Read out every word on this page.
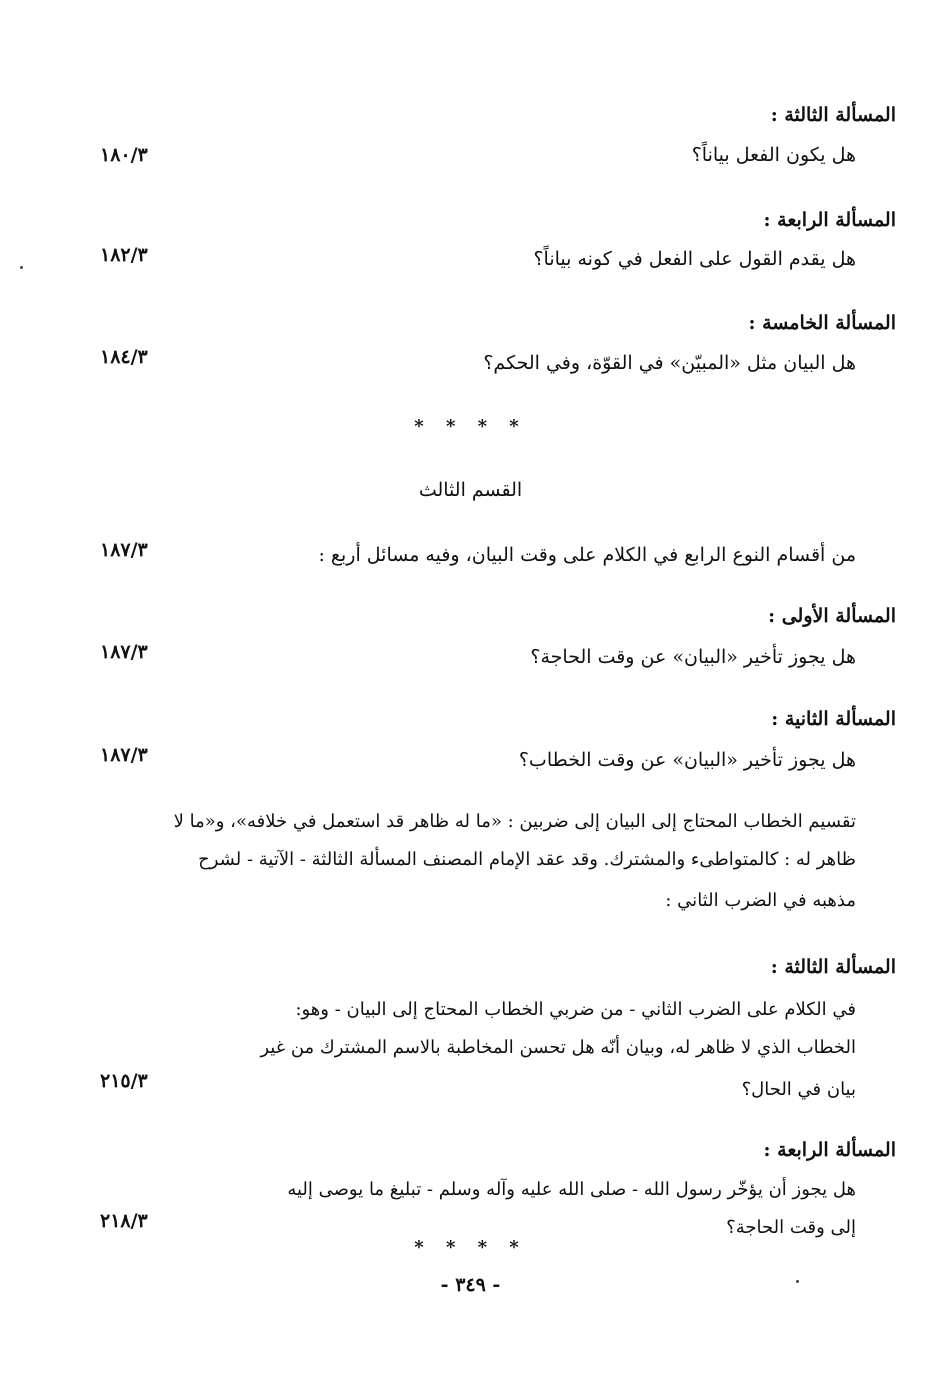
المسألة الثالثة :
هل يكون الفعل بياناً؟
١٨٠/٣
المسألة الرابعة :
هل يقدم القول على الفعل في كونه بياناً؟
١٨٢/٣
المسألة الخامسة :
هل البيان مثل «المبيّن» في القوّة، وفي الحكم؟
١٨٤/٣
* * * *
القسم الثالث
من أقسام النوع الرابع في الكلام على وقت البيان، وفيه مسائل أربع :
١٨٧/٣
المسألة الأولى :
هل يجوز تأخير «البيان» عن وقت الحاجة؟
١٨٧/٣
المسألة الثانية :
هل يجوز تأخير «البيان» عن وقت الخطاب؟
١٨٧/٣
تقسيم الخطاب المحتاج إلى البيان إلى ضربين : «ما له ظاهر قد استعمل في خلافه»، و«ما لا
ظاهر له : كالمتواطىء والمشترك. وقد عقد الإمام المصنف المسألة الثالثة - الآتية - لشرح
مذهبه في الضرب الثاني :
المسألة الثالثة :
في الكلام على الضرب الثاني - من ضربي الخطاب المحتاج إلى البيان - وهو:
الخطاب الذي لا ظاهر له، وبيان أنّه هل تحسن المخاطبة بالاسم المشترك من غير
بيان في الحال؟
٢١٥/٣
المسألة الرابعة :
هل يجوز أن يؤخّر رسول الله - صلى الله عليه وآله وسلم - تبليغ ما يوصى إليه
إلى وقت الحاجة؟
٢١٨/٣
* * * *
- ٣٤٩ -
